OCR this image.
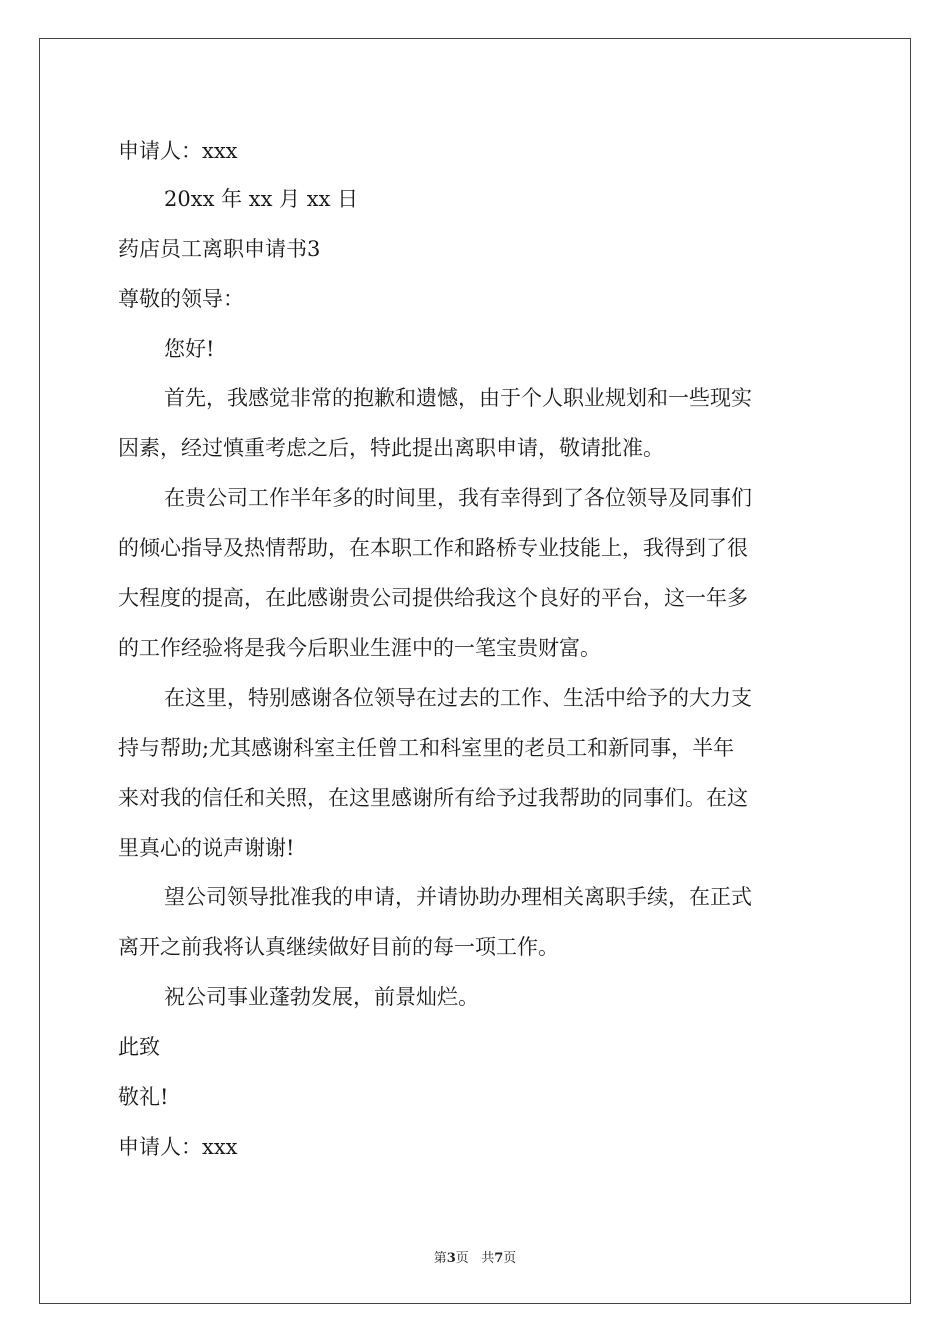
申请人：xxx

20xx 年 xx 月 xx 日

药店员工离职申请书3

尊敬的领导：

您好!

首先，我感觉非常的抱歉和遗憾，由于个人职业规划和一些现实

因素，经过慎重考虑之后，特此提出离职申请，敬请批准。

在贵公司工作半年多的时间里，我有幸得到了各位领导及同事们

的倾心指导及热情帮助，在本职工作和路桥专业技能上，我得到了很

大程度的提高，在此感谢贵公司提供给我这个良好的平台，这一年多

的工作经验将是我今后职业生涯中的一笔宝贵财富。

在这里，特别感谢各位领导在过去的工作、生活中给予的大力支

持与帮助;尤其感谢科室主任曾工和科室里的老员工和新同事，半年

来对我的信任和关照，在这里感谢所有给予过我帮助的同事们。在这

里真心的说声谢谢!

望公司领导批准我的申请，并请协助办理相关离职手续，在正式

离开之前我将认真继续做好目前的每一项工作。

祝公司事业蓬勃发展，前景灿烂。

此致

敬礼!

申请人：xxx

第3页 共7页
